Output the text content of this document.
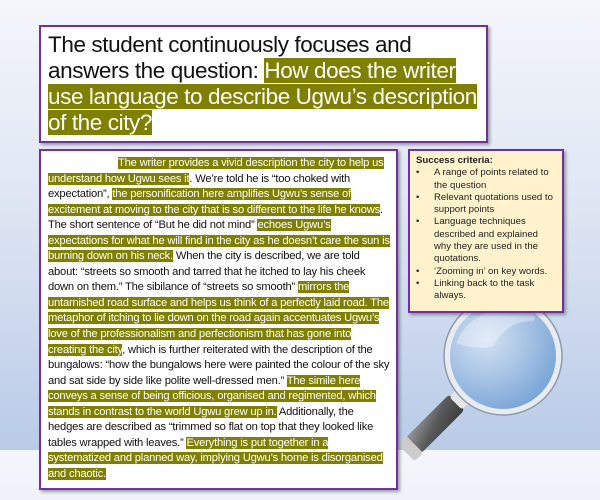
The student continuously focuses and answers the question: How does the writer use language to describe Ugwu’s description of the city?
The writer provides a vivid description the city to help us understand how Ugwu sees it. We’re told he is “too choked with expectation”, the personification here amplifies Ugwu’s sense of excitement at moving to the city that is so different to the life he knows. The short sentence of “But he did not mind” echoes Ugwu’s expectations for what he will find in the city as he doesn’t care the sun is burning down on his neck. When the city is described, we are told about: “streets so smooth and tarred that he itched to lay his cheek down on them.” The sibilance of “streets so smooth” mirrors the untarnished road surface and helps us think of a perfectly laid road. The metaphor of itching to lie down on the road again accentuates Ugwu’s love of the professionalism and perfectionism that has gone into creating the city, which is further reiterated with the description of the bungalows: “how the bungalows here were painted the colour of the sky and sat side by side like polite well-dressed men.” The simile here conveys a sense of being officious, organised and regimented, which stands in contrast to the world Ugwu grew up in. Additionally, the hedges are described as “trimmed so flat on top that they looked like tables wrapped with leaves.” Everything is put together in a systematized and planned way, implying Ugwu’s home is disorganised and chaotic.
Success criteria:
• A range of points related to the question
• Relevant quotations used to support points
• Language techniques described and explained why they are used in the quotations.
• ‘Zooming in’ on key words.
• Linking back to the task always.
